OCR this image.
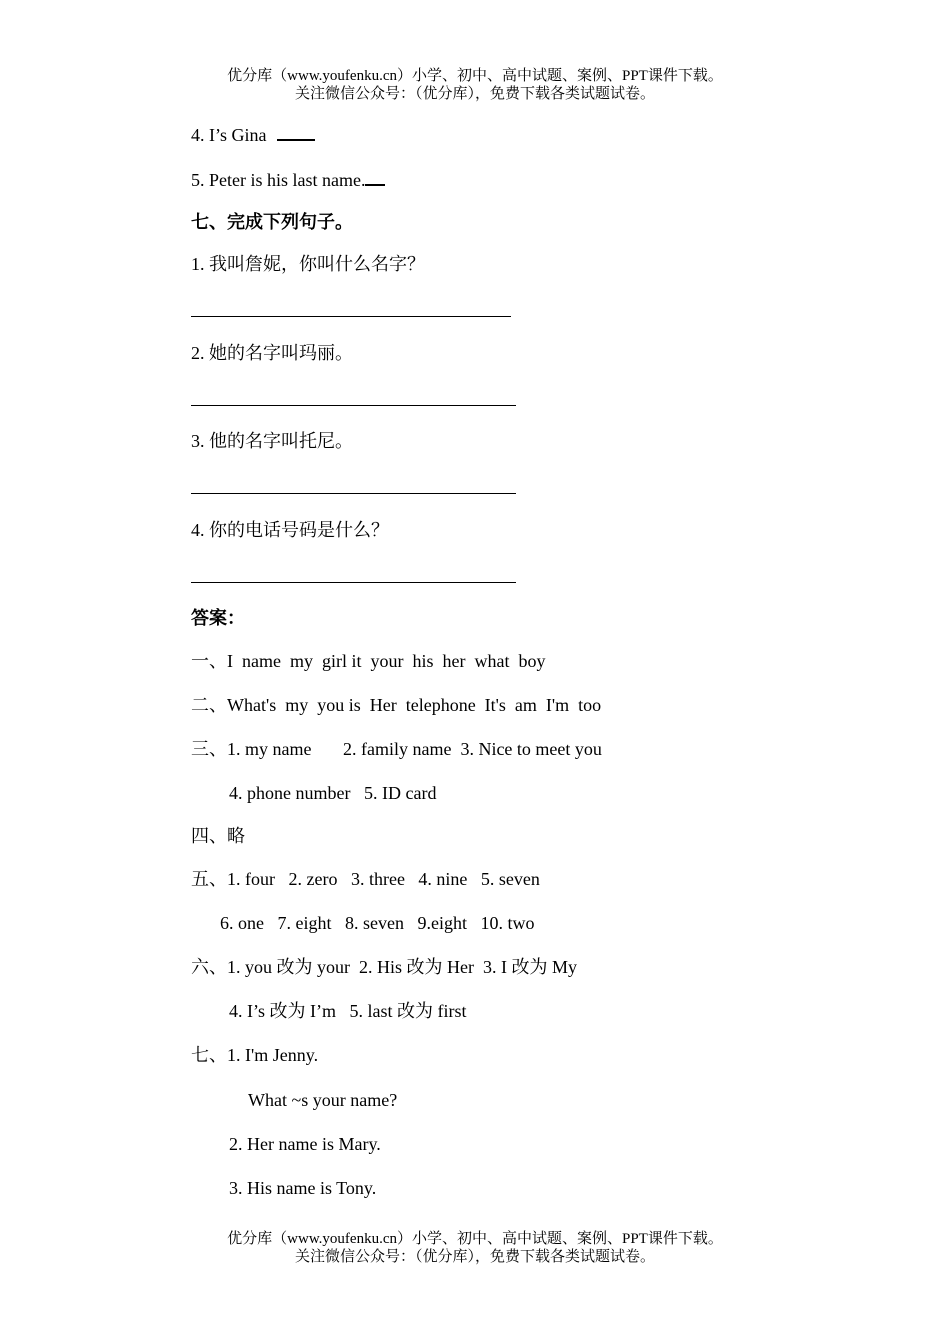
优分库（www.youfenku.cn）小学、初中、高中试题、案例、PPT课件下载。
关注微信公众号：（优分库），免费下载各类试题试卷。
4. I’s Gina
5. Peter is his last name.
七、完成下列句子。
1. 我叫詹妮，你叫什么名字？
2. 她的名字叫玛丽。
3. 他的名字叫托尼。
4. 你的电话号码是什么？
答案：
一、I  name  my  girl it  your  his  her  what  boy
二、What's  my  you is  Her  telephone  It's  am  I'm  too
三、1. my name       2. family name  3. Nice to meet you
4. phone number   5. ID card
四、略
五、1. four   2. zero   3. three   4. nine   5. seven
6. one   7. eight   8. seven   9.eight   10. two
六、1. you 改为 your  2. His 改为 Her  3. I 改为 My
4. I’s 改为 I’m   5. last 改为 first
七、1. I'm Jenny.
What ~s your name?
2. Her name is Mary.
3. His name is Tony.
优分库（www.youfenku.cn）小学、初中、高中试题、案例、PPT课件下载。
关注微信公众号：（优分库），免费下载各类试题试卷。
